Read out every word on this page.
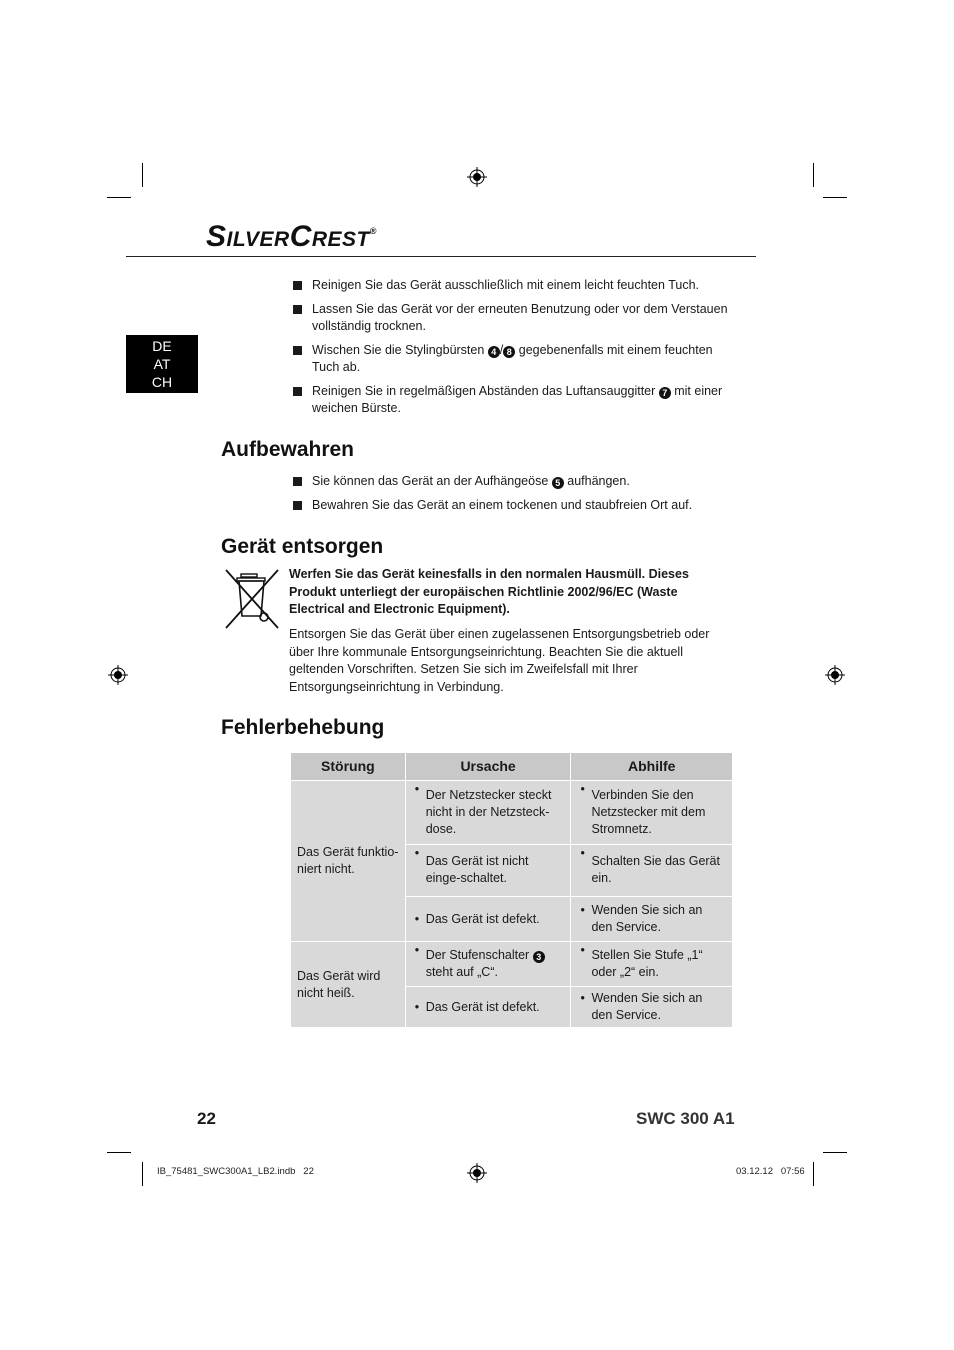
SILVERCREST®
DE
AT
CH
Reinigen Sie das Gerät ausschließlich mit einem leicht feuchten Tuch.
Lassen Sie das Gerät vor der erneuten Benutzung oder vor dem Verstauen vollständig trocknen.
Wischen Sie die Stylingbürsten 4 / 8 gegebenenfalls mit einem feuchten Tuch ab.
Reinigen Sie in regelmäßigen Abständen das Luftansauggitter 7 mit einer weichen Bürste.
Aufbewahren
Sie können das Gerät an der Aufhängeöse 5 aufhängen.
Bewahren Sie das Gerät an einem tockenen und staubfreien Ort auf.
Gerät entsorgen
Werfen Sie das Gerät keinesfalls in den normalen Hausmüll. Dieses Produkt unterliegt der europäischen Richtlinie 2002/96/EC (Waste Electrical and Electronic Equipment).
Entsorgen Sie das Gerät über einen zugelassenen Entsorgungsbetrieb oder über Ihre kommunale Entsorgungseinrichtung. Beachten Sie die aktuell geltenden Vorschriften. Setzen Sie sich im Zweifelsfall mit Ihrer Entsorgungseinrichtung in Verbindung.
Fehlerbehebung
Störung	Ursache	Abhilfe
Das Gerät funktio-niert nicht.	• Der Netzstecker steckt nicht in der Netzsteck-dose.	• Verbinden Sie den Netzstecker mit dem Stromnetz.

	• Das Gerät ist nicht einge-schaltet.	• Schalten Sie das Gerät ein.

	• Das Gerät ist defekt.	• Wenden Sie sich an den Service.

Das Gerät wird nicht heiß.	• Der Stufenschalter 3 steht auf „C“.	• Stellen Sie Stufe „1“ oder „2“ ein.

	• Das Gerät ist defekt.	• Wenden Sie sich an den Service.
22	SWC 300 A1
IB_75481_SWC300A1_LB2.indb   22	03.12.12   07:56
